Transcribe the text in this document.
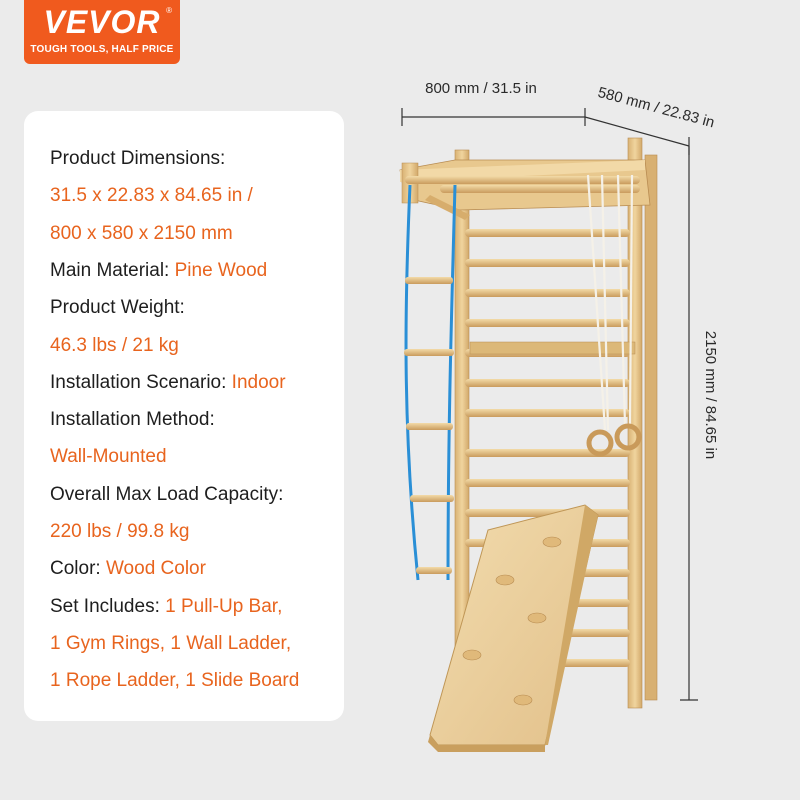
VEVOR ®
TOUGH TOOLS, HALF PRICE
Product Dimensions:
31.5 x 22.83 x 84.65 in /
800 x 580 x 2150 mm
Main Material: Pine Wood
Product Weight:
46.3 lbs / 21 kg
Installation Scenario: Indoor
Installation Method:
Wall-Mounted
Overall Max Load Capacity:
220 lbs / 99.8 kg
Color: Wood Color
Set Includes: 1 Pull-Up Bar,
1 Gym Rings, 1 Wall Ladder,
1 Rope Ladder, 1 Slide Board
800 mm / 31.5 in	580 mm / 22.83 in
2150 mm / 84.65 in
